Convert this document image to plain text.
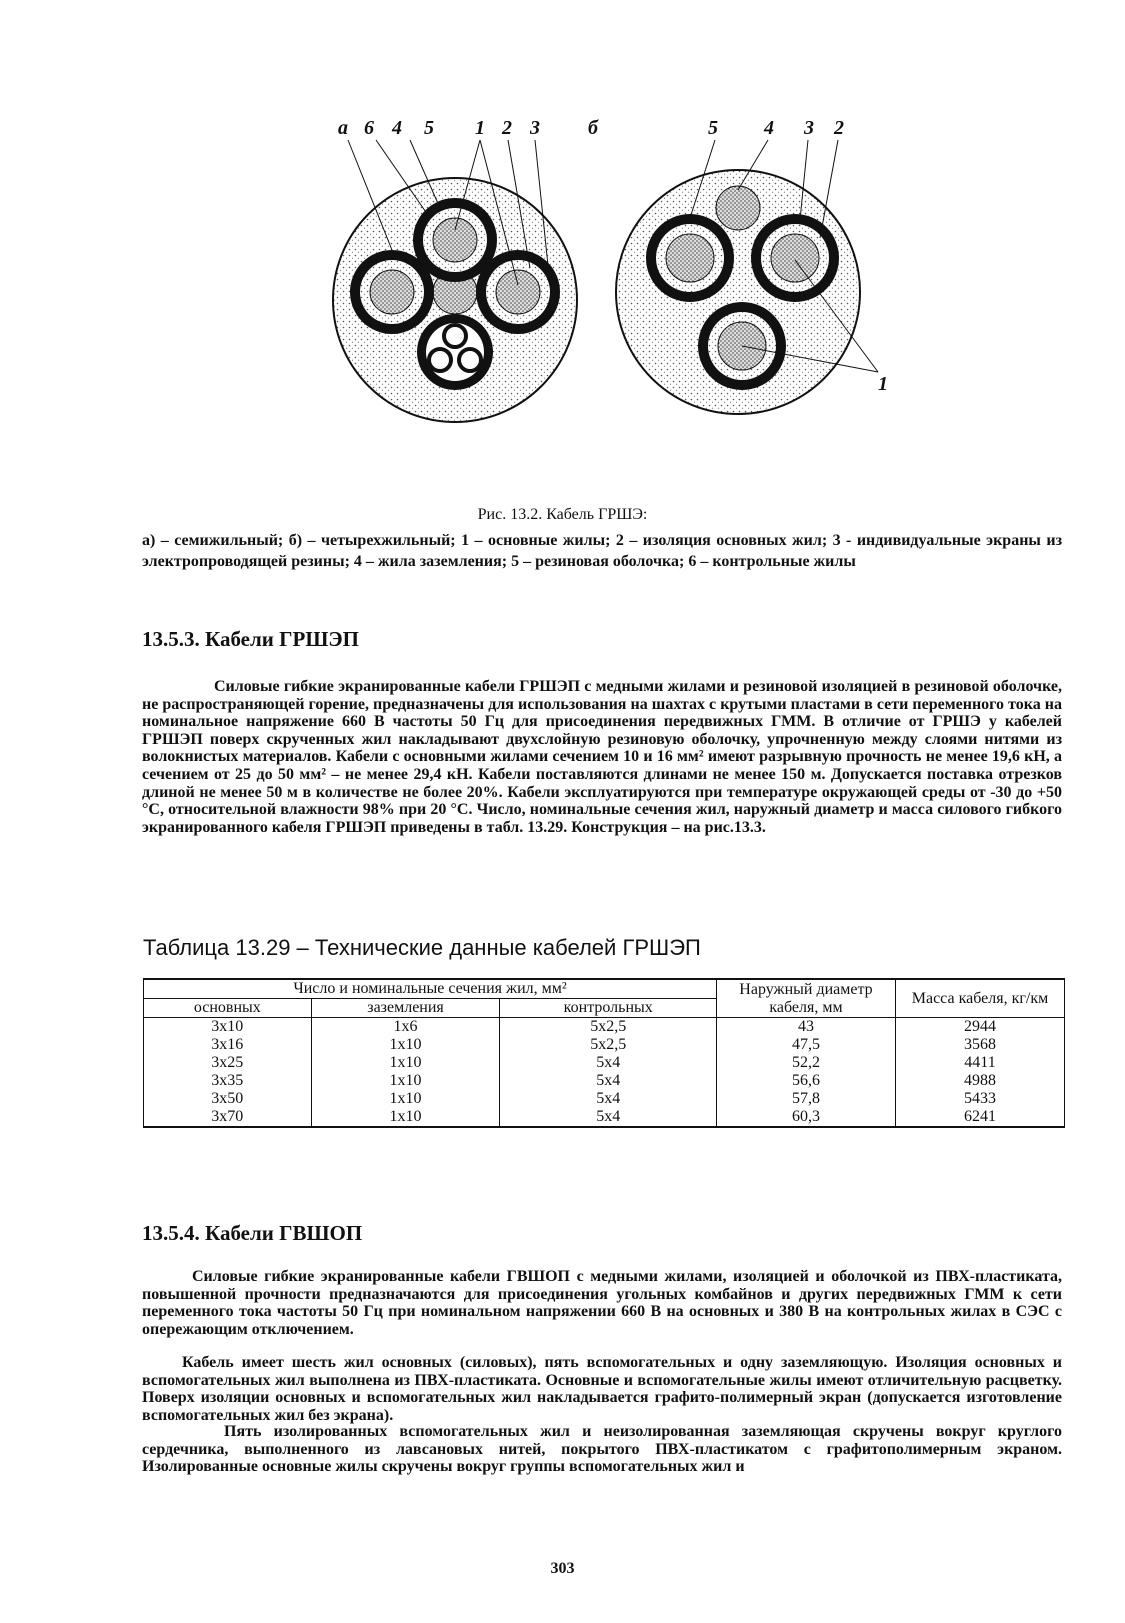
а 6 4 5 1 2 3 б	5 4 3 2
1
Рис. 13.2. Кабель ГРШЭ:
а) – семижильный; б) – четырехжильный; 1 – основные жилы; 2 – изоляция основных жил; 3 - индивидуальные экраны из электропроводящей резины; 4 – жила заземления; 5 – резиновая оболочка; 6 – контрольные жилы
13.5.3. Кабели ГРШЭП
Силовые гибкие экранированные кабели ГРШЭП с медными жилами и резиновой изоляцией в резиновой оболочке, не распространяющей горение, предназначены для использования на шахтах с крутыми пластами в сети переменного тока на номинальное напряжение 660 В частоты 50 Гц для присоединения передвижных ГММ. В отличие от ГРШЭ у кабелей ГРШЭП поверх скрученных жил накладывают двухслойную резиновую оболочку, упрочненную между слоями нитями из волокнистых материалов. Кабели с основными жилами сечением 10 и 16 мм² имеют разрывную прочность не менее 19,6 кН, а сечением от 25 до 50 мм² – не менее 29,4 кН. Кабели поставляются длинами не менее 150 м. Допускается поставка отрезков длиной не менее 50 м в количестве не более 20%. Кабели эксплуатируются при температуре окружающей среды от -30 до +50 °С, относительной влажности 98% при 20 °С. Число, номинальные сечения жил, наружный диаметр и масса силового гибкого экранированного кабеля ГРШЭП приведены в табл. 13.29. Конструкция – на рис.13.3.
Таблица 13.29 – Технические данные кабелей ГРШЭП
Число и номинальные сечения жил, мм²			Наружный диаметр кабеля, мм	Масса кабеля, кг/км
основных	заземления	контрольных		
3х10	1х6	5х2,5	43	2944
3х16	1х10	5х2,5	47,5	3568
3х25	1х10	5х4	52,2	4411
3х35	1х10	5х4	56,6	4988
3х50	1х10	5х4	57,8	5433
3х70	1х10	5х4	60,3	6241
13.5.4. Кабели ГВШОП
Силовые гибкие экранированные кабели ГВШОП с медными жилами, изоляцией и оболочкой из ПВХ-пластиката, повышенной прочности предназначаются для присоединения угольных комбайнов и других передвижных ГММ к сети переменного тока частоты 50 Гц при номинальном напряжении 660 В на основных и 380 В на контрольных жилах в СЭС с опережающим отключением.
Кабель имеет шесть жил основных (силовых), пять вспомогательных и одну заземляющую. Изоляция основных и вспомогательных жил выполнена из ПВХ-пластиката. Основные и вспомогательные жилы имеют отличительную расцветку. Поверх изоляции основных и вспомогательных жил накладывается графито-полимерный экран (допускается изготовление вспомогательных жил без экрана).
Пять изолированных вспомогательных жил и неизолированная заземляющая скручены вокруг круглого сердечника, выполненного из лавсановых нитей, покрытого ПВХ-пластикатом с графитополимерным экраном. Изолированные основные жилы скручены вокруг группы вспомогательных жил и
303
